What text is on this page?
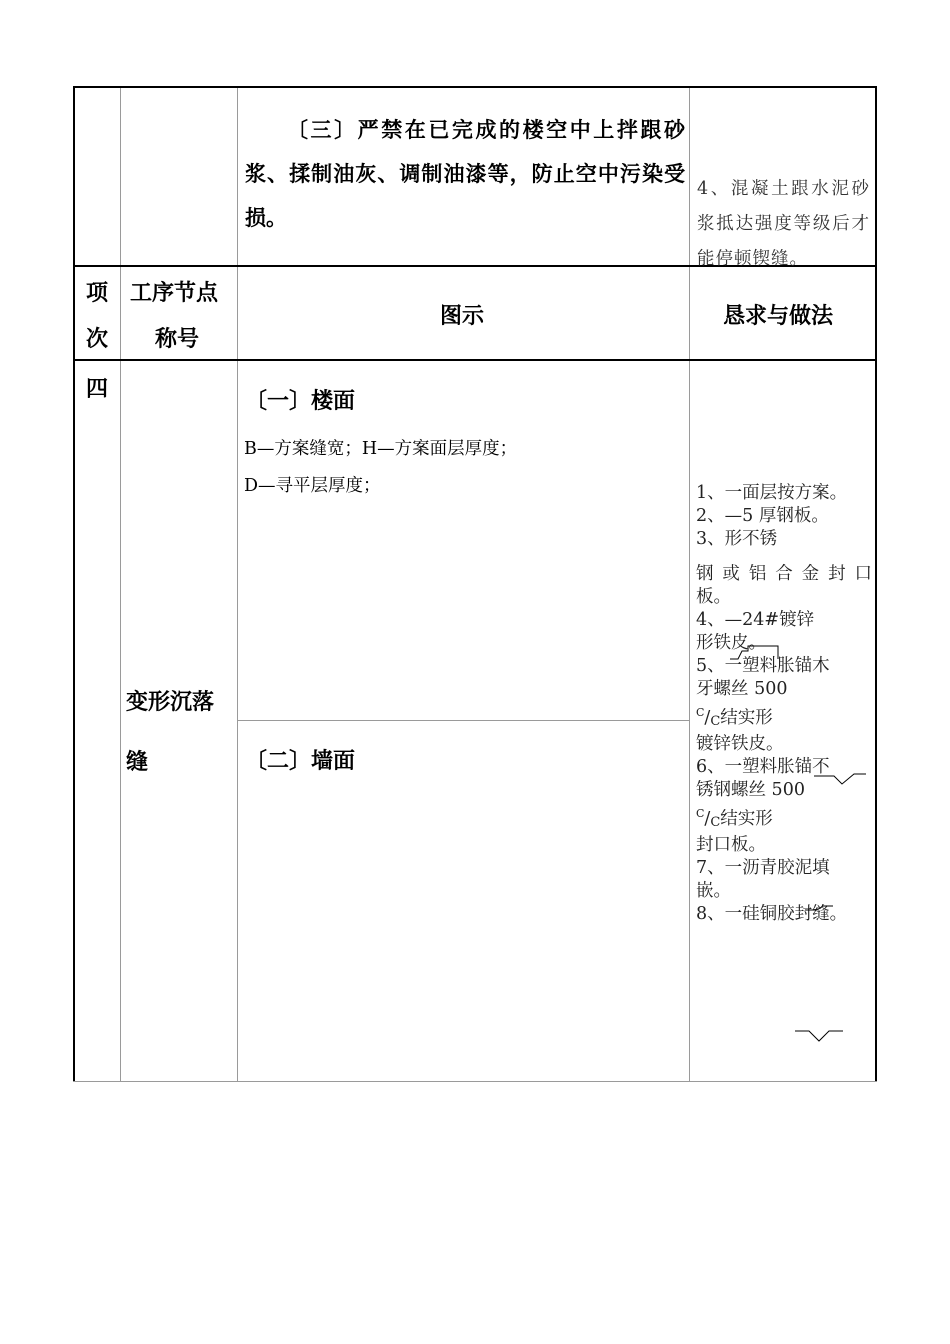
〔三〕严禁在已完成的楼空中上拌跟砂浆、揉制油灰、调制油漆等，防止空中污染受损。
4、混凝土跟水泥砂浆抵达强度等级后才能停顿锲缝。
项
次
工序节点
称号
图示	恳求与做法
四
变形沉落
缝
〔一〕楼面
B—方案缝宽；H—方案面层厚度；
D—寻平层厚度；
〔二〕墙面
1、一面层按方案。
2、—5 厚钢板。
3、形不锈
钢或铝合金封口
板。
4、—24#镀锌
形铁皮。
5、一塑料胀锚木
牙螺丝 500
$^C$/C结实形
镀锌铁皮。
6、一塑料胀锚不
锈钢螺丝 500
$^C$/C结实形
封口板。
7、一沥青胶泥填
嵌。
8、一硅铜胶封缝。
